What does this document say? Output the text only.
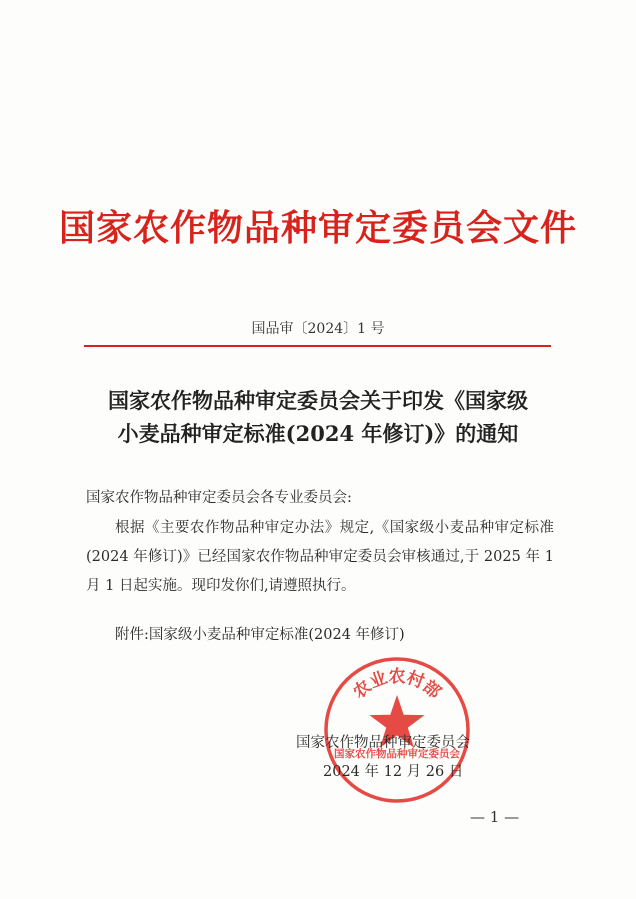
国家农作物品种审定委员会文件
国品审〔2024〕1 号
国家农作物品种审定委员会关于印发《国家级
小麦品种审定标准(2024 年修订)》的通知
国家农作物品种审定委员会各专业委员会:
根据《主要农作物品种审定办法》规定,《国家级小麦品种审定标准(2024 年修订)》已经国家农作物品种审定委员会审核通过,于 2025 年 1 月 1 日起实施。现印发你们,请遵照执行。
附件:国家级小麦品种审定标准(2024 年修订)
农业农村部
国家农作物品种审定委员会
国家农作物品种审定委员会
2024 年 12 月 26 日
— 1 —
